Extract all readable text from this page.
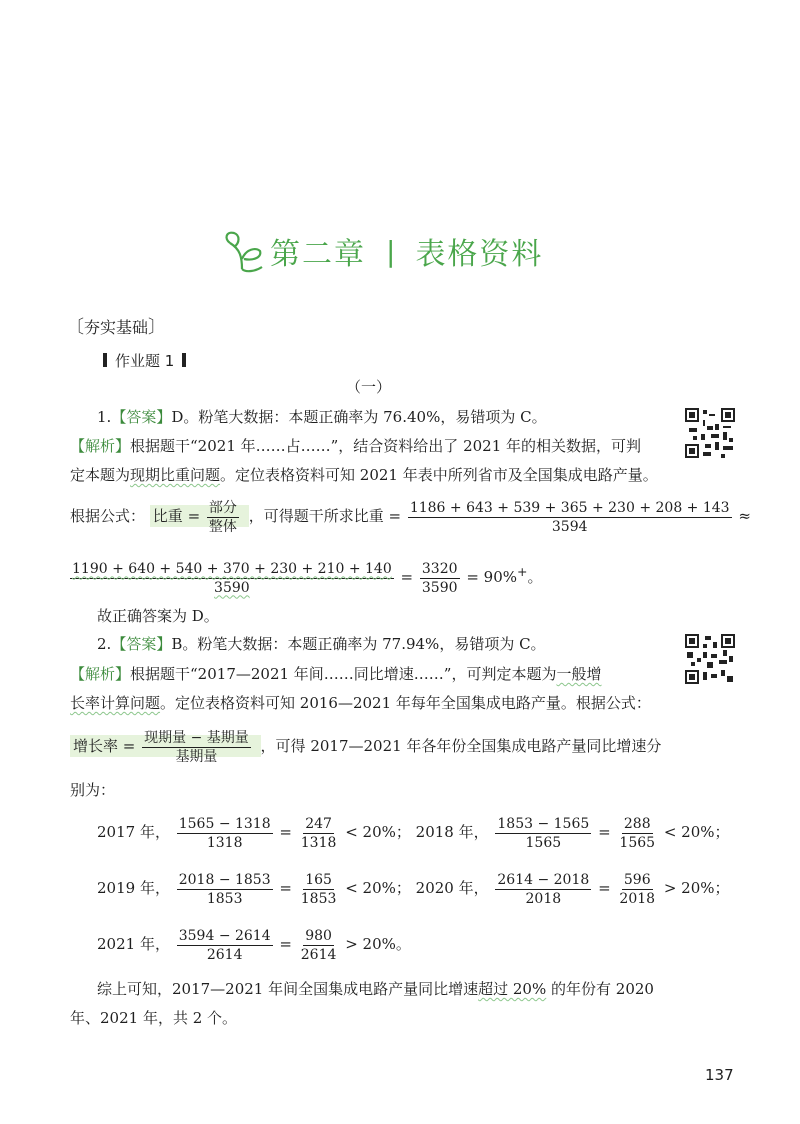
第二章 | 表格资料
〔夯实基础〕
作业题 1
（一）
1.【答案】D。粉笔大数据：本题正确率为 76.40%，易错项为 C。
【解析】根据题干“2021 年……占……”，结合资料给出了 2021 年的相关数据，可判
定本题为现期比重问题。定位表格资料可知 2021 年表中所列省市及全国集成电路产量。
根据公式： 比重 = $\frac{\text{部分}}{\text{整体}}$ ，可得题干所求比重 = $\frac{1186 + 643 + 539 + 365 + 230 + 208 + 143}{3594}$ ≈
$\frac{1190 + 640 + 540 + 370 + 230 + 210 + 140}{3590} = \frac{3320}{3590} = 90\%^+$。
故正确答案为 D。
2.【答案】B。粉笔大数据：本题正确率为 77.94%，易错项为 C。
【解析】根据题干“2017—2021 年间……同比增速……”，可判定本题为一般增
长率计算问题。定位表格资料可知 2016—2021 年每年全国集成电路产量。根据公式：
增长率 = $\frac{\text{现期量 − 基期量}}{\text{基期量}}$ ，可得 2017—2021 年各年份全国集成电路产量同比增速分
别为：
2017 年， $\frac{1565 - 1318}{1318} = \frac{247}{1318} < 20\%$； 2018 年， $\frac{1853 - 1565}{1565} = \frac{288}{1565} < 20\%$；
2019 年， $\frac{2018 - 1853}{1853} = \frac{165}{1853} < 20\%$； 2020 年， $\frac{2614 - 2018}{2018} = \frac{596}{2018} > 20\%$；
2021 年， $\frac{3594 - 2614}{2614} = \frac{980}{2614} > 20\%$。
综上可知，2017—2021 年间全国集成电路产量同比增速超过 20% 的年份有 2020
年、2021 年，共 2 个。
137
